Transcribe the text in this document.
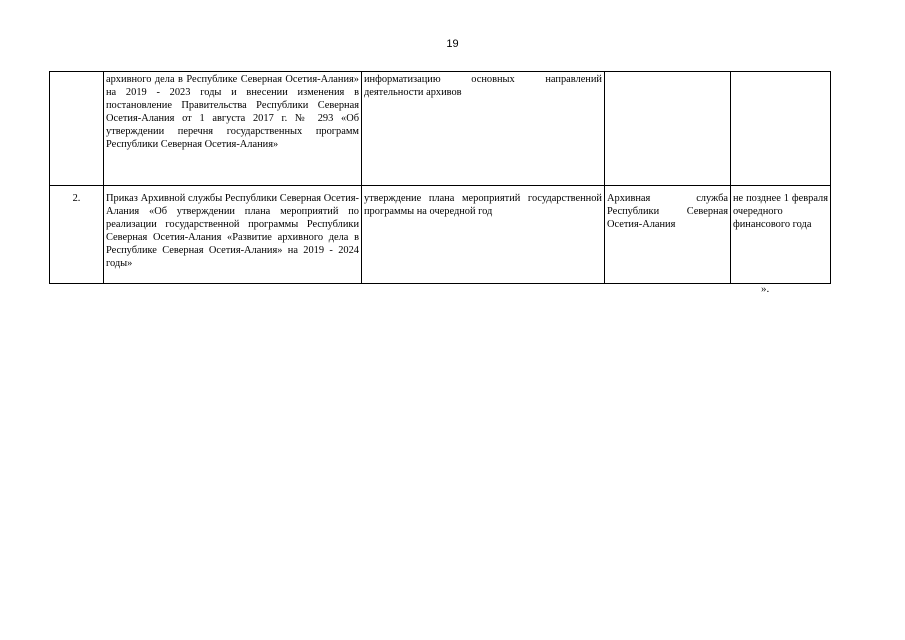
19
	архивного дела в Республике Северная Осетия-Алания» на 2019 - 2023 годы и внесении изменения в постановление Правительства Республики Северная Осетия-Алания от 1 августа 2017 г. № 293 «Об утверждении перечня государственных программ Республики Северная Осетия-Алания»	информатизацию основных направлений деятельности архивов		
2.	Приказ Архивной службы Республики Северная Осетия-Алания «Об утверждении плана мероприятий по реализации государственной программы Республики Северная Осетия-Алания «Развитие архивного дела в Республике Северная Осетия-Алания» на 2019 - 2024 годы»	утверждение плана мероприятий государственной программы на очередной год	Архивная служба Республики Северная Осетия-Алания	не позднее 1 февраля очередного финансового года
».
